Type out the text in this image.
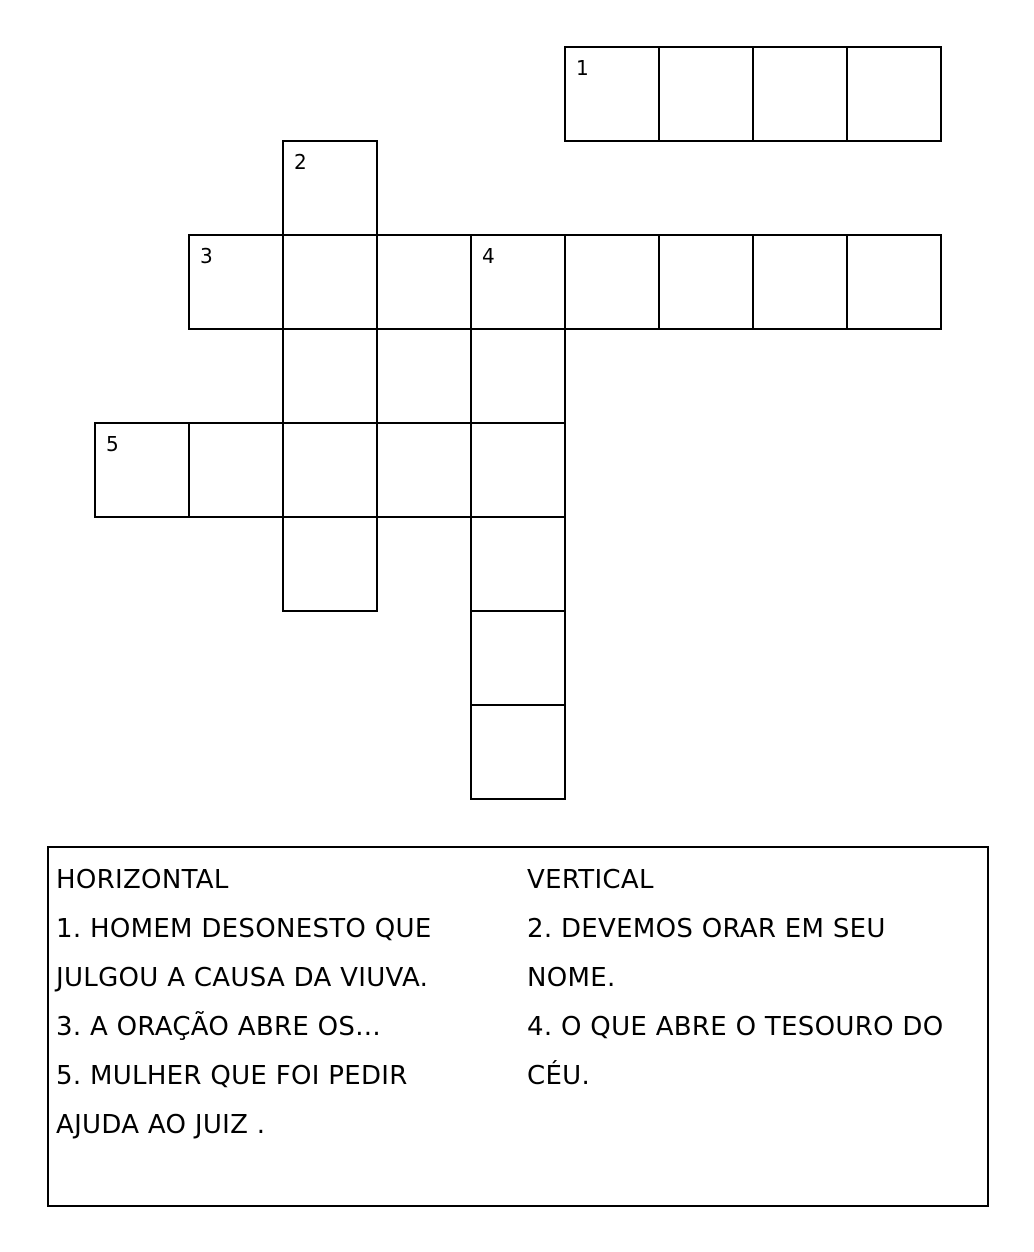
1
2
3	4
5
HORIZONTAL
1. HOMEM DESONESTO QUE
JULGOU A CAUSA DA VIUVA.
3. A ORAÇÃO ABRE OS...
5. MULHER QUE FOI PEDIR
AJUDA AO JUIZ .
VERTICAL
2. DEVEMOS ORAR EM SEU
NOME.
4. O QUE ABRE O TESOURO DO
CÉU.
